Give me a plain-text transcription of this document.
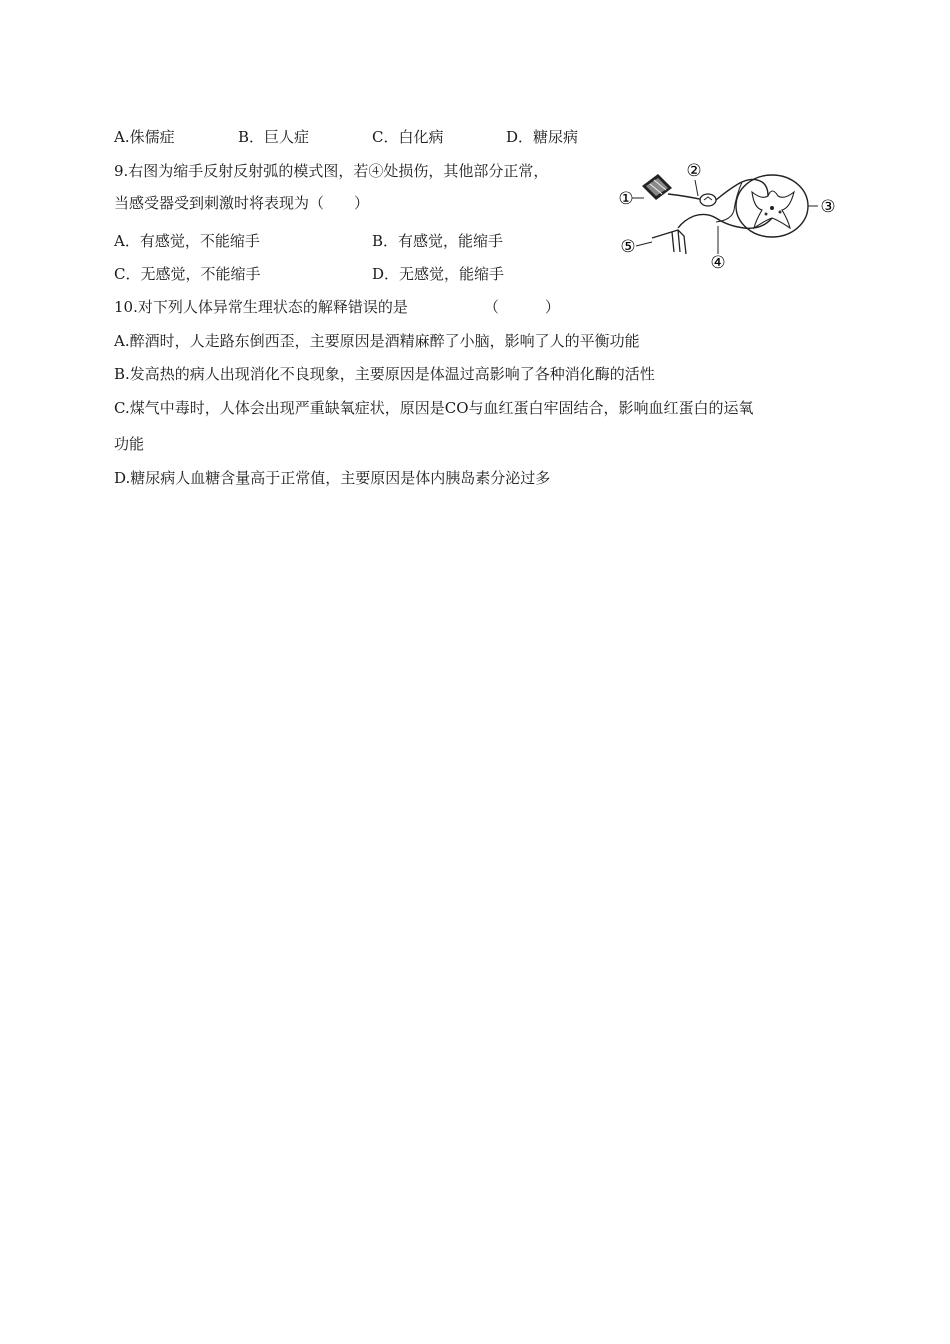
A.侏儒症	B．巨人症	C．白化病	D．糖尿病
9.右图为缩手反射反射弧的模式图，若④处损伤，其他部分正常，
当感受器受到刺激时将表现为（　　）
A．有感觉，不能缩手	B．有感觉，能缩手
C．无感觉，不能缩手	D．无感觉，能缩手
①
②
③
④
⑤
10.对下列人体异常生理状态的解释错误的是	（	）
A.醉酒时，人走路东倒西歪，主要原因是酒精麻醉了小脑，影响了人的平衡功能
B.发高热的病人出现消化不良现象，主要原因是体温过高影响了各种消化酶的活性
C.煤气中毒时，人体会出现严重缺氧症状，原因是CO与血红蛋白牢固结合，影响血红蛋白的运氧
功能
D.糖尿病人血糖含量高于正常值，主要原因是体内胰岛素分泌过多
